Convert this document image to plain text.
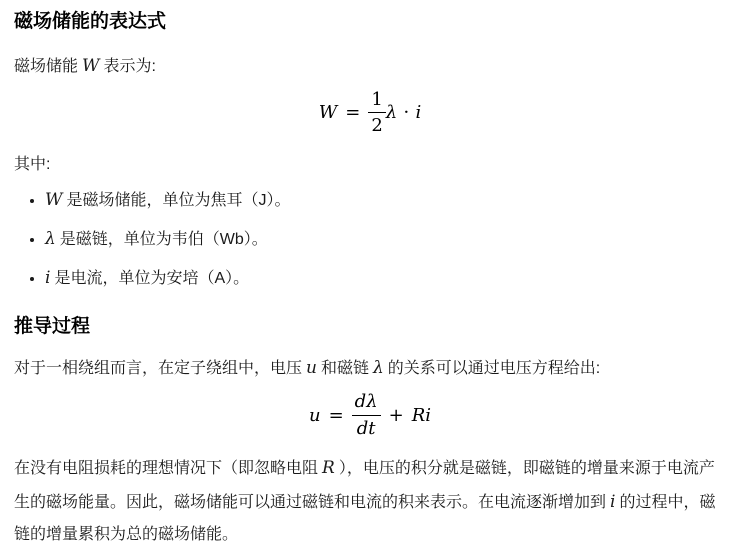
磁场储能的表达式

磁场储能 W 表示为:

$W = \frac{1}{2}$ λ ⋅ i

其中:

• W 是磁场储能，单位为焦耳（J）。
• λ 是磁链，单位为韦伯（Wb）。
• i 是电流，单位为安培（A）。
推导过程

对于一相绕组而言，在定子绕组中，电压 u 和磁链 λ 的关系可以通过电压方程给出:

$u = \frac{d\lambda}{dt} + Ri$

在没有电阻损耗的理想情况下（即忽略电阻 R ），电压的积分就是磁链，即磁链的增量来源于电流产生的磁场能量。因此，磁场储能可以通过磁链和电流的积来表示。在电流逐渐增加到 i 的过程中，磁链的增量累积为总的磁场储能。
